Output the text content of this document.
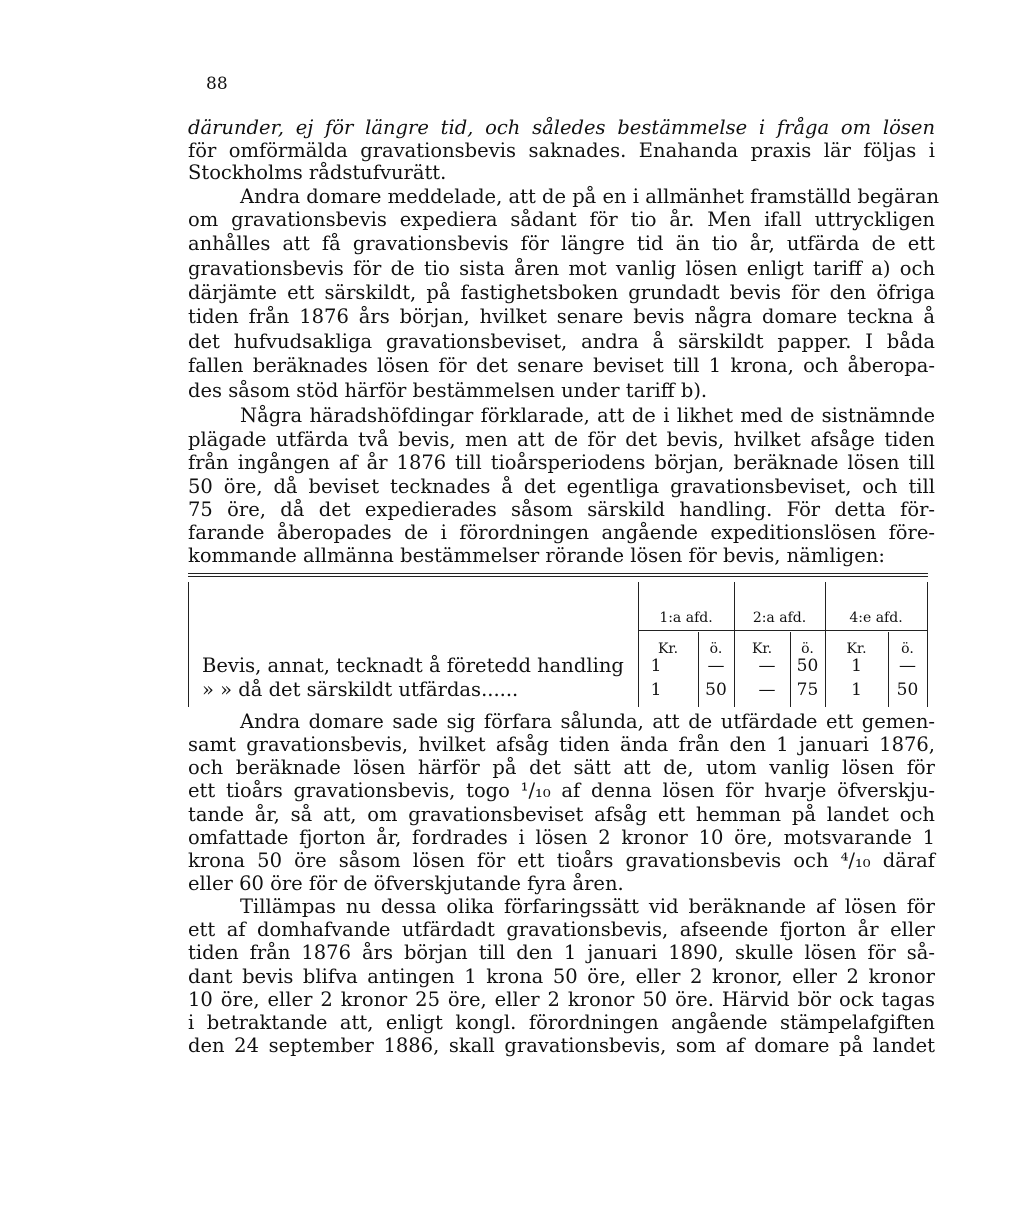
88
därunder, ej för längre tid, och således bestämmelse i fråga om lösen
för omförmälda gravationsbevis saknades. Enahanda praxis lär följas i
Stockholms rådstufvurätt.
Andra domare meddelade, att de på en i allmänhet framställd begäran
om gravationsbevis expediera sådant för tio år. Men ifall uttryckligen
anhålles att få gravationsbevis för längre tid än tio år, utfärda de ett
gravationsbevis för de tio sista åren mot vanlig lösen enligt tariff a) och
därjämte ett särskildt, på fastighetsboken grundadt bevis för den öfriga
tiden från 1876 års början, hvilket senare bevis några domare teckna å
det hufvudsakliga gravationsbeviset, andra å särskildt papper. I båda
fallen beräknades lösen för det senare beviset till 1 krona, och åberopa-
des såsom stöd härför bestämmelsen under tariff b).
Några häradshöfdingar förklarade, att de i likhet med de sistnämnde
plägade utfärda två bevis, men att de för det bevis, hvilket afsåge tiden
från ingången af år 1876 till tioårsperiodens början, beräknade lösen till
50 öre, då beviset tecknades å det egentliga gravationsbeviset, och till
75 öre, då det expedierades såsom särskild handling. För detta för-
farande åberopades de i förordningen angående expeditionslösen före-
kommande allmänna bestämmelser rörande lösen för bevis, nämligen:
1:a afd.	2:a afd.	4:e afd.
Kr.	ö.	Kr.	ö.	Kr.	ö.
Bevis, annat, tecknadt å företedd handling	1	—	—	50	1	—
» » då det särskildt utfärdas......	1	50	—	75	1	50
Andra domare sade sig förfara sålunda, att de utfärdade ett gemen-
samt gravationsbevis, hvilket afsåg tiden ända från den 1 januari 1876,
och beräknade lösen härför på det sätt att de, utom vanlig lösen för
ett tioårs gravationsbevis, togo ¹/₁₀ af denna lösen för hvarje öfverskju-
tande år, så att, om gravationsbeviset afsåg ett hemman på landet och
omfattade fjorton år, fordrades i lösen 2 kronor 10 öre, motsvarande 1
krona 50 öre såsom lösen för ett tioårs gravationsbevis och ⁴/₁₀ däraf
eller 60 öre för de öfverskjutande fyra åren.
Tillämpas nu dessa olika förfaringssätt vid beräknande af lösen för
ett af domhafvande utfärdadt gravationsbevis, afseende fjorton år eller
tiden från 1876 års början till den 1 januari 1890, skulle lösen för så-
dant bevis blifva antingen 1 krona 50 öre, eller 2 kronor, eller 2 kronor
10 öre, eller 2 kronor 25 öre, eller 2 kronor 50 öre. Härvid bör ock tagas
i betraktande att, enligt kongl. förordningen angående stämpelafgiften
den 24 september 1886, skall gravationsbevis, som af domare på landet
